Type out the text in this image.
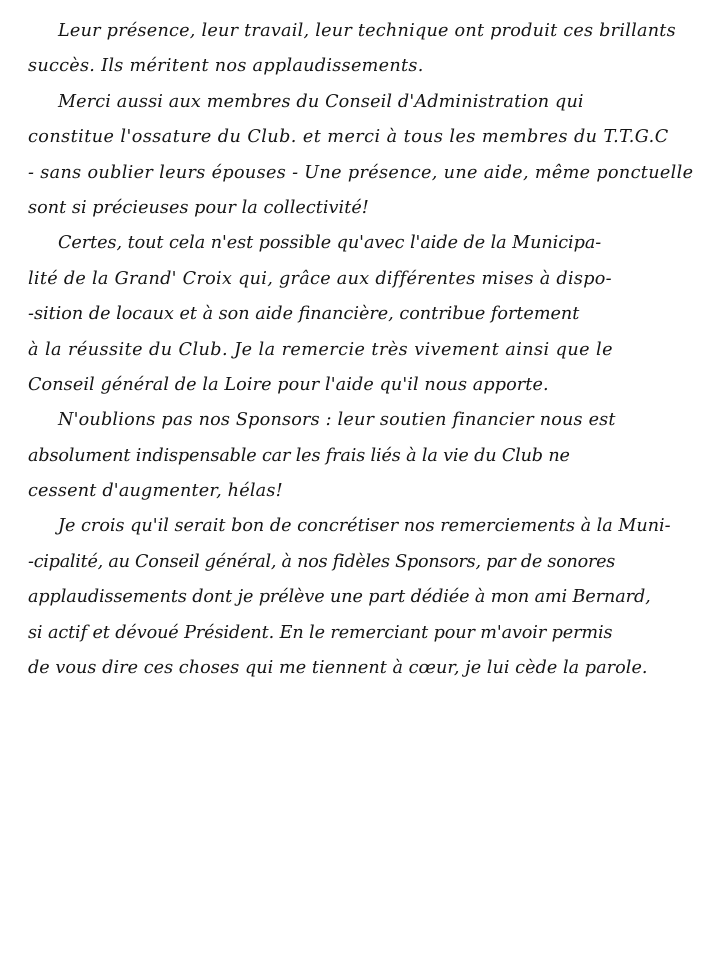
Leur présence, leur travail, leur technique ont produit ces brillants
succès. Ils méritent nos applaudissements.
Merci aussi aux membres du Conseil d'Administration qui
constitue l'ossature du Club. et merci à tous les membres du T.T.G.C
- sans oublier leurs épouses - Une présence, une aide, même ponctuelle
sont si précieuses pour la collectivité!
Certes, tout cela n'est possible qu'avec l'aide de la Municipa-
lité de la Grand' Croix qui, grâce aux différentes mises à dispo-
-sition de locaux et à son aide financière, contribue fortement
à la réussite du Club. Je la remercie très vivement ainsi que le
Conseil général de la Loire pour l'aide qu'il nous apporte.
N'oublions pas nos Sponsors : leur soutien financier nous est
absolument indispensable car les frais liés à la vie du Club ne
cessent d'augmenter, hélas!
Je crois qu'il serait bon de concrétiser nos remerciements à la Muni-
-cipalité, au Conseil général, à nos fidèles Sponsors, par de sonores
applaudissements dont je prélève une part dédiée à mon ami Bernard,
si actif et dévoué Président. En le remerciant pour m'avoir permis
de vous dire ces choses qui me tiennent à cœur, je lui cède la parole.
